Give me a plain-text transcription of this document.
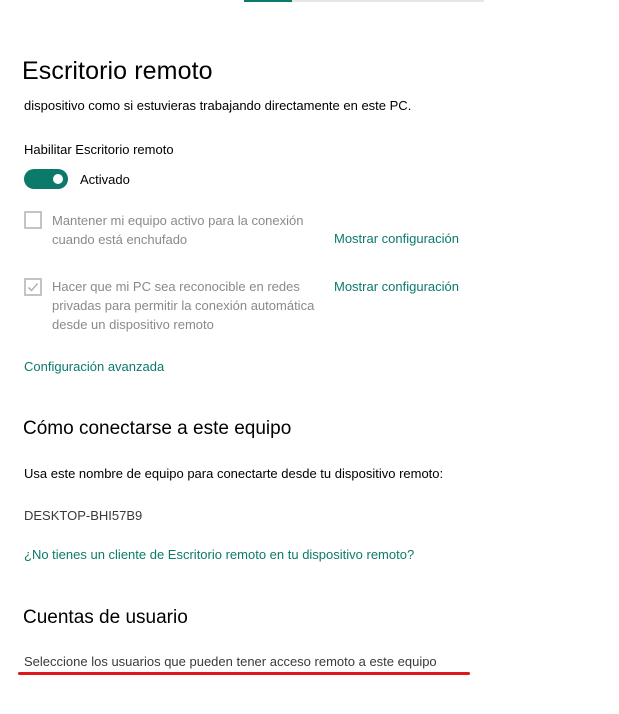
Escritorio remoto
dispositivo como si estuvieras trabajando directamente en este PC.
Habilitar Escritorio remoto
Activado
Mantener mi equipo activo para la conexión cuando está enchufado	Mostrar configuración
Hacer que mi PC sea reconocible en redes privadas para permitir la conexión automática desde un dispositivo remoto
Mostrar configuración
Configuración avanzada
Cómo conectarse a este equipo
Usa este nombre de equipo para conectarte desde tu dispositivo remoto:
DESKTOP-BHI57B9
¿No tienes un cliente de Escritorio remoto en tu dispositivo remoto?
Cuentas de usuario
Seleccione los usuarios que pueden tener acceso remoto a este equipo
